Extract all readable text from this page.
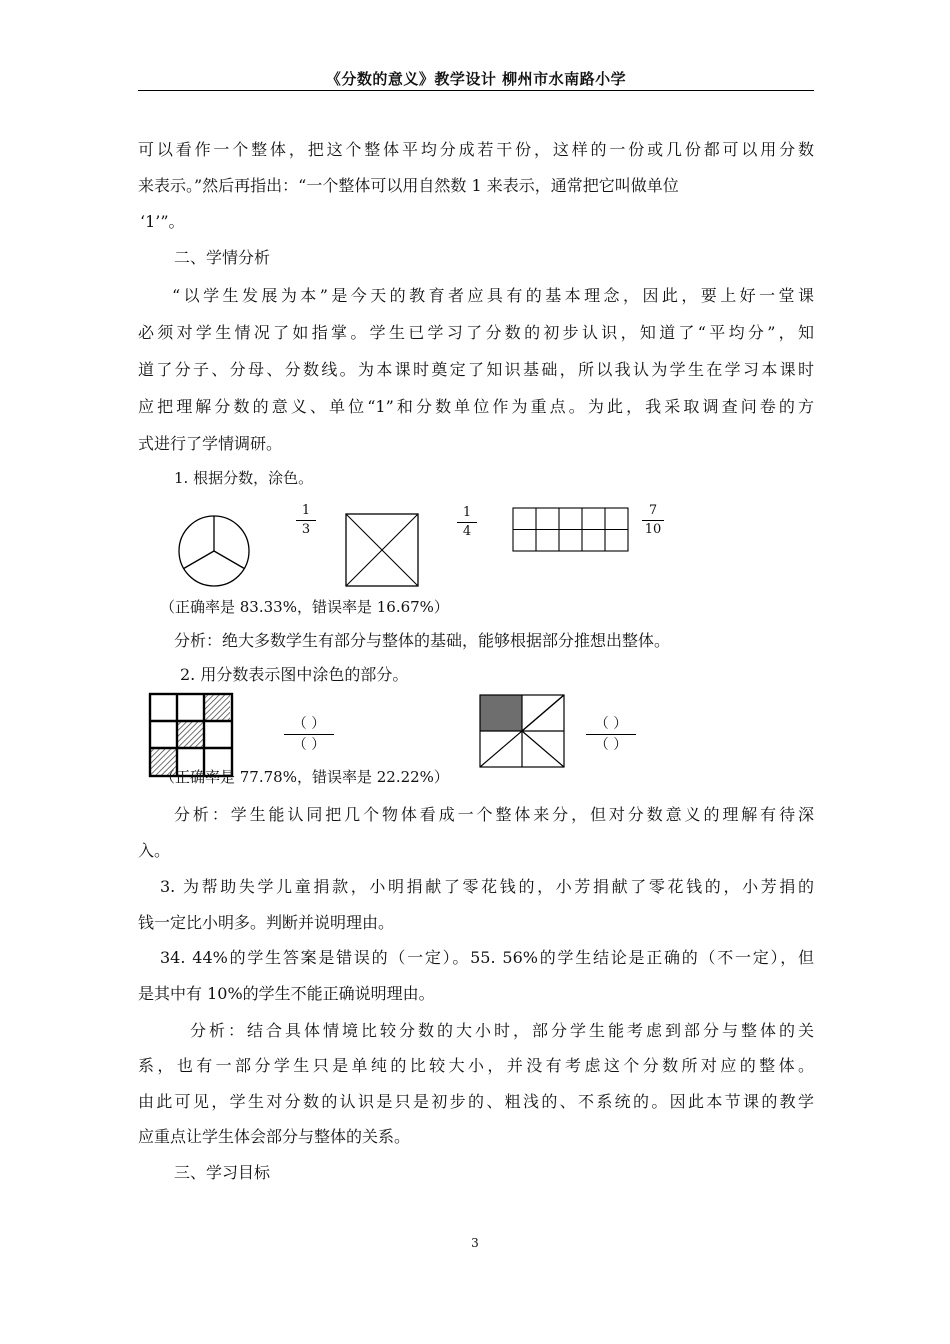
《分数的意义》教学设计 柳州市水南路小学
可以看作一个整体，把这个整体平均分成若干份，这样的一份或几份都可以用分数
来表示。”然后再指出：“一个整体可以用自然数 1 来表示，通常把它叫做单位
‘1’”。
二、学情分析
“以学生发展为本”是今天的教育者应具有的基本理念，因此，要上好一堂课
必须对学生情况了如指掌。学生已学习了分数的初步认识，知道了“平均分”，知
道了分子、分母、分数线。为本课时奠定了知识基础，所以我认为学生在学习本课时
应把理解分数的意义、单位“1”和分数单位作为重点。为此，我采取调查问卷的方
式进行了学情调研。
1. 根据分数，涂色。
1
3
1
4
7
10
（正确率是 83.33%，错误率是 16.67%）
分析：绝大多数学生有部分与整体的基础，能够根据部分推想出整体。
2. 用分数表示图中涂色的部分。
（ ）
（ ）
（ ）
（ ）
（正确率是 77.78%，错误率是 22.22%）
分析：学生能认同把几个物体看成一个整体来分，但对分数意义的理解有待深
入。
3. 为帮助失学儿童捐款，小明捐献了零花钱的，小芳捐献了零花钱的，小芳捐的
钱一定比小明多。判断并说明理由。
34. 44%的学生答案是错误的（一定）。55. 56%的学生结论是正确的（不一定），但
是其中有 10%的学生不能正确说明理由。
分析：结合具体情境比较分数的大小时，部分学生能考虑到部分与整体的关
系，也有一部分学生只是单纯的比较大小，并没有考虑这个分数所对应的整体。
由此可见，学生对分数的认识是只是初步的、粗浅的、不系统的。因此本节课的教学
应重点让学生体会部分与整体的关系。
三、学习目标
3
